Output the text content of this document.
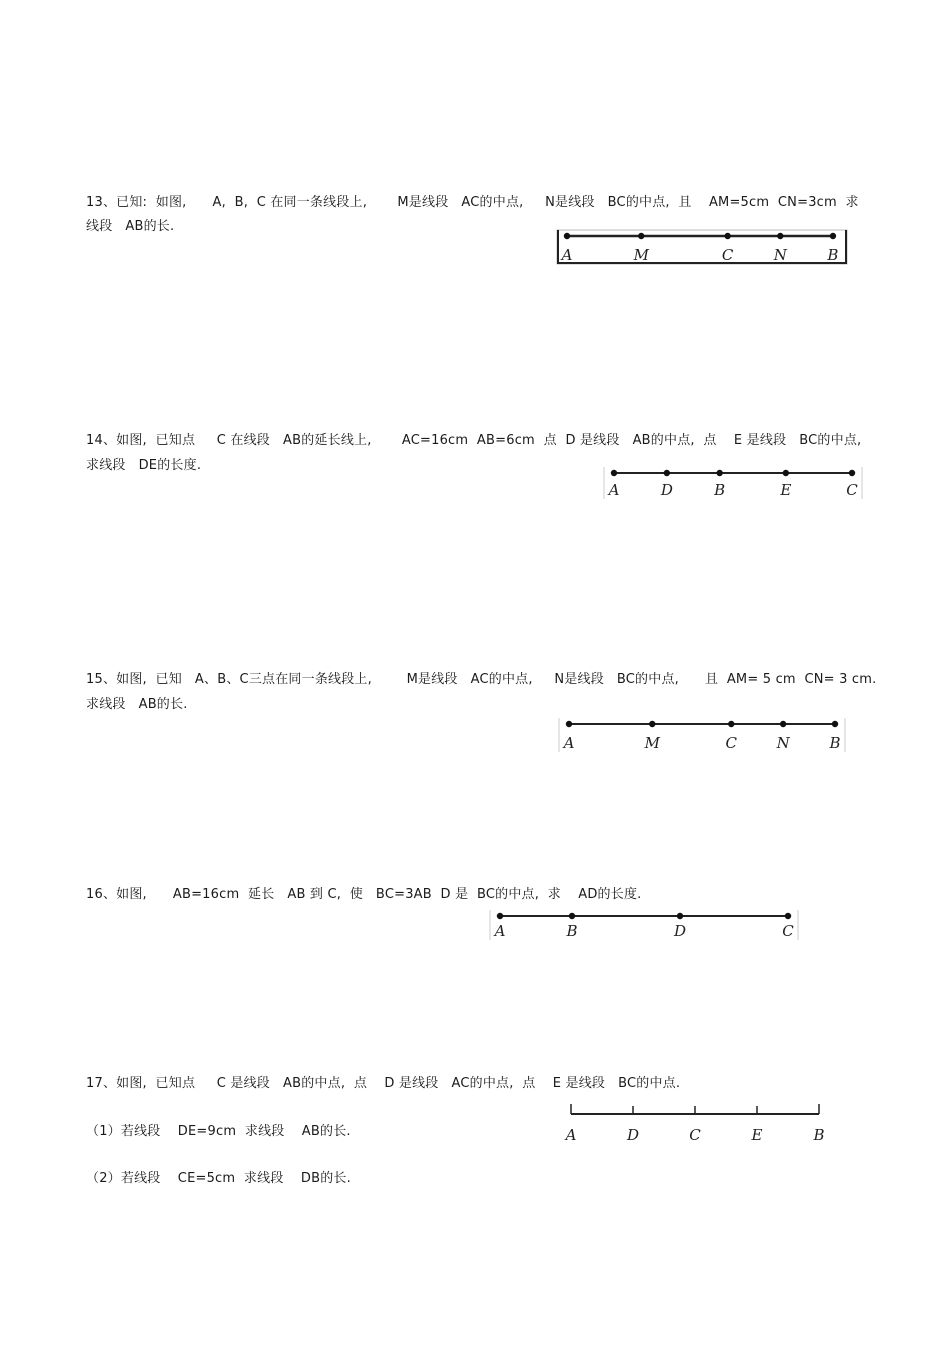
13、已知:  如图,      A,  B,  C 在同一条线段上,       M是线段   AC的中点,     N是线段   BC的中点,  且    AM=5cm  CN=3cm  求
线段   AB的长.
A	M	C	N	B
14、如图,  已知点     C 在线段   AB的延长线上,       AC=16cm  AB=6cm  点  D 是线段   AB的中点,  点    E 是线段   BC的中点,
求线段   DE的长度.
A	D	B	E	C
15、如图,  已知   A、B、C三点在同一条线段上,        M是线段   AC的中点,     N是线段   BC的中点,      且  AM= 5 cm  CN= 3 cm.
求线段   AB的长.
A	M	C	N	B
16、如图,      AB=16cm  延长   AB 到 C,  使   BC=3AB  D 是  BC的中点,  求    AD的长度.
A	B	D	C
17、如图,  已知点     C 是线段   AB的中点,  点    D 是线段   AC的中点,  点    E 是线段   BC的中点.
（1）若线段    DE=9cm  求线段    AB的长.
（2）若线段    CE=5cm  求线段    DB的长.
A	D	C	E	B
